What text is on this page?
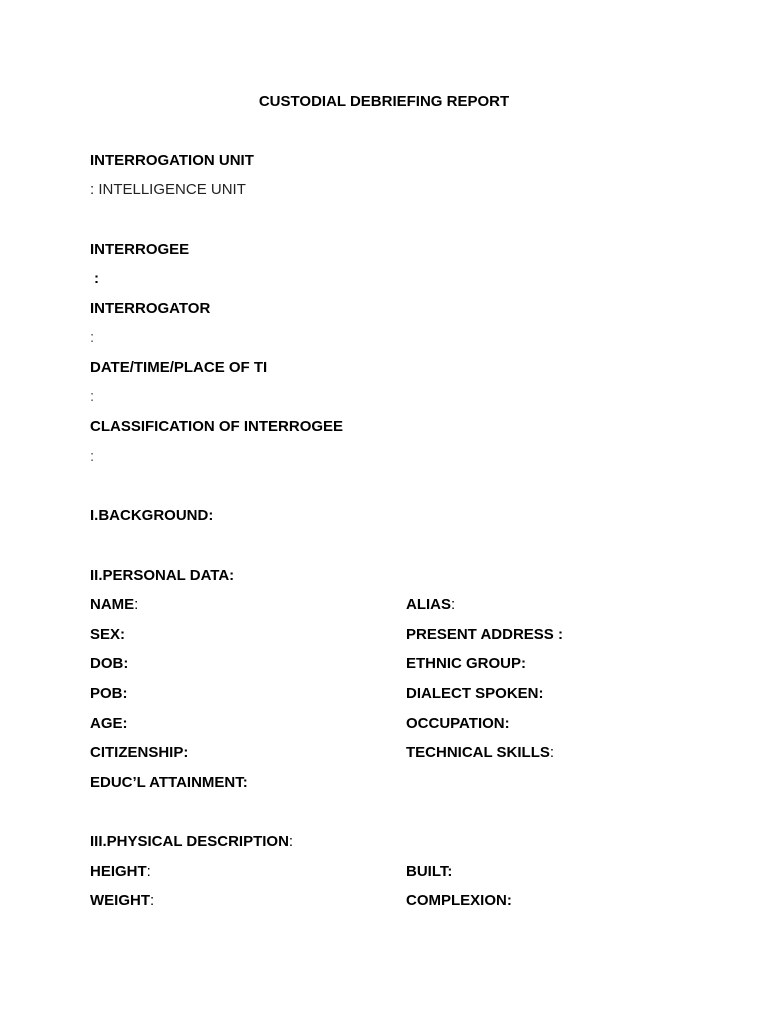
CUSTODIAL DEBRIEFING REPORT
INTERROGATION UNIT
: INTELLIGENCE UNIT
INTERROGEE
:
INTERROGATOR
:
DATE/TIME/PLACE OF TI
:
CLASSIFICATION OF INTERROGEE
:
I.BACKGROUND:
II.PERSONAL DATA:
NAME:
SEX:
DOB:
POB:
AGE:
CITIZENSHIP:
EDUC’L ATTAINMENT:
ALIAS:
PRESENT ADDRESS :
ETHNIC GROUP:
DIALECT SPOKEN:
OCCUPATION:
TECHNICAL SKILLS:
III.PHYSICAL DESCRIPTION:
HEIGHT:
WEIGHT:
BUILT:
COMPLEXION:
